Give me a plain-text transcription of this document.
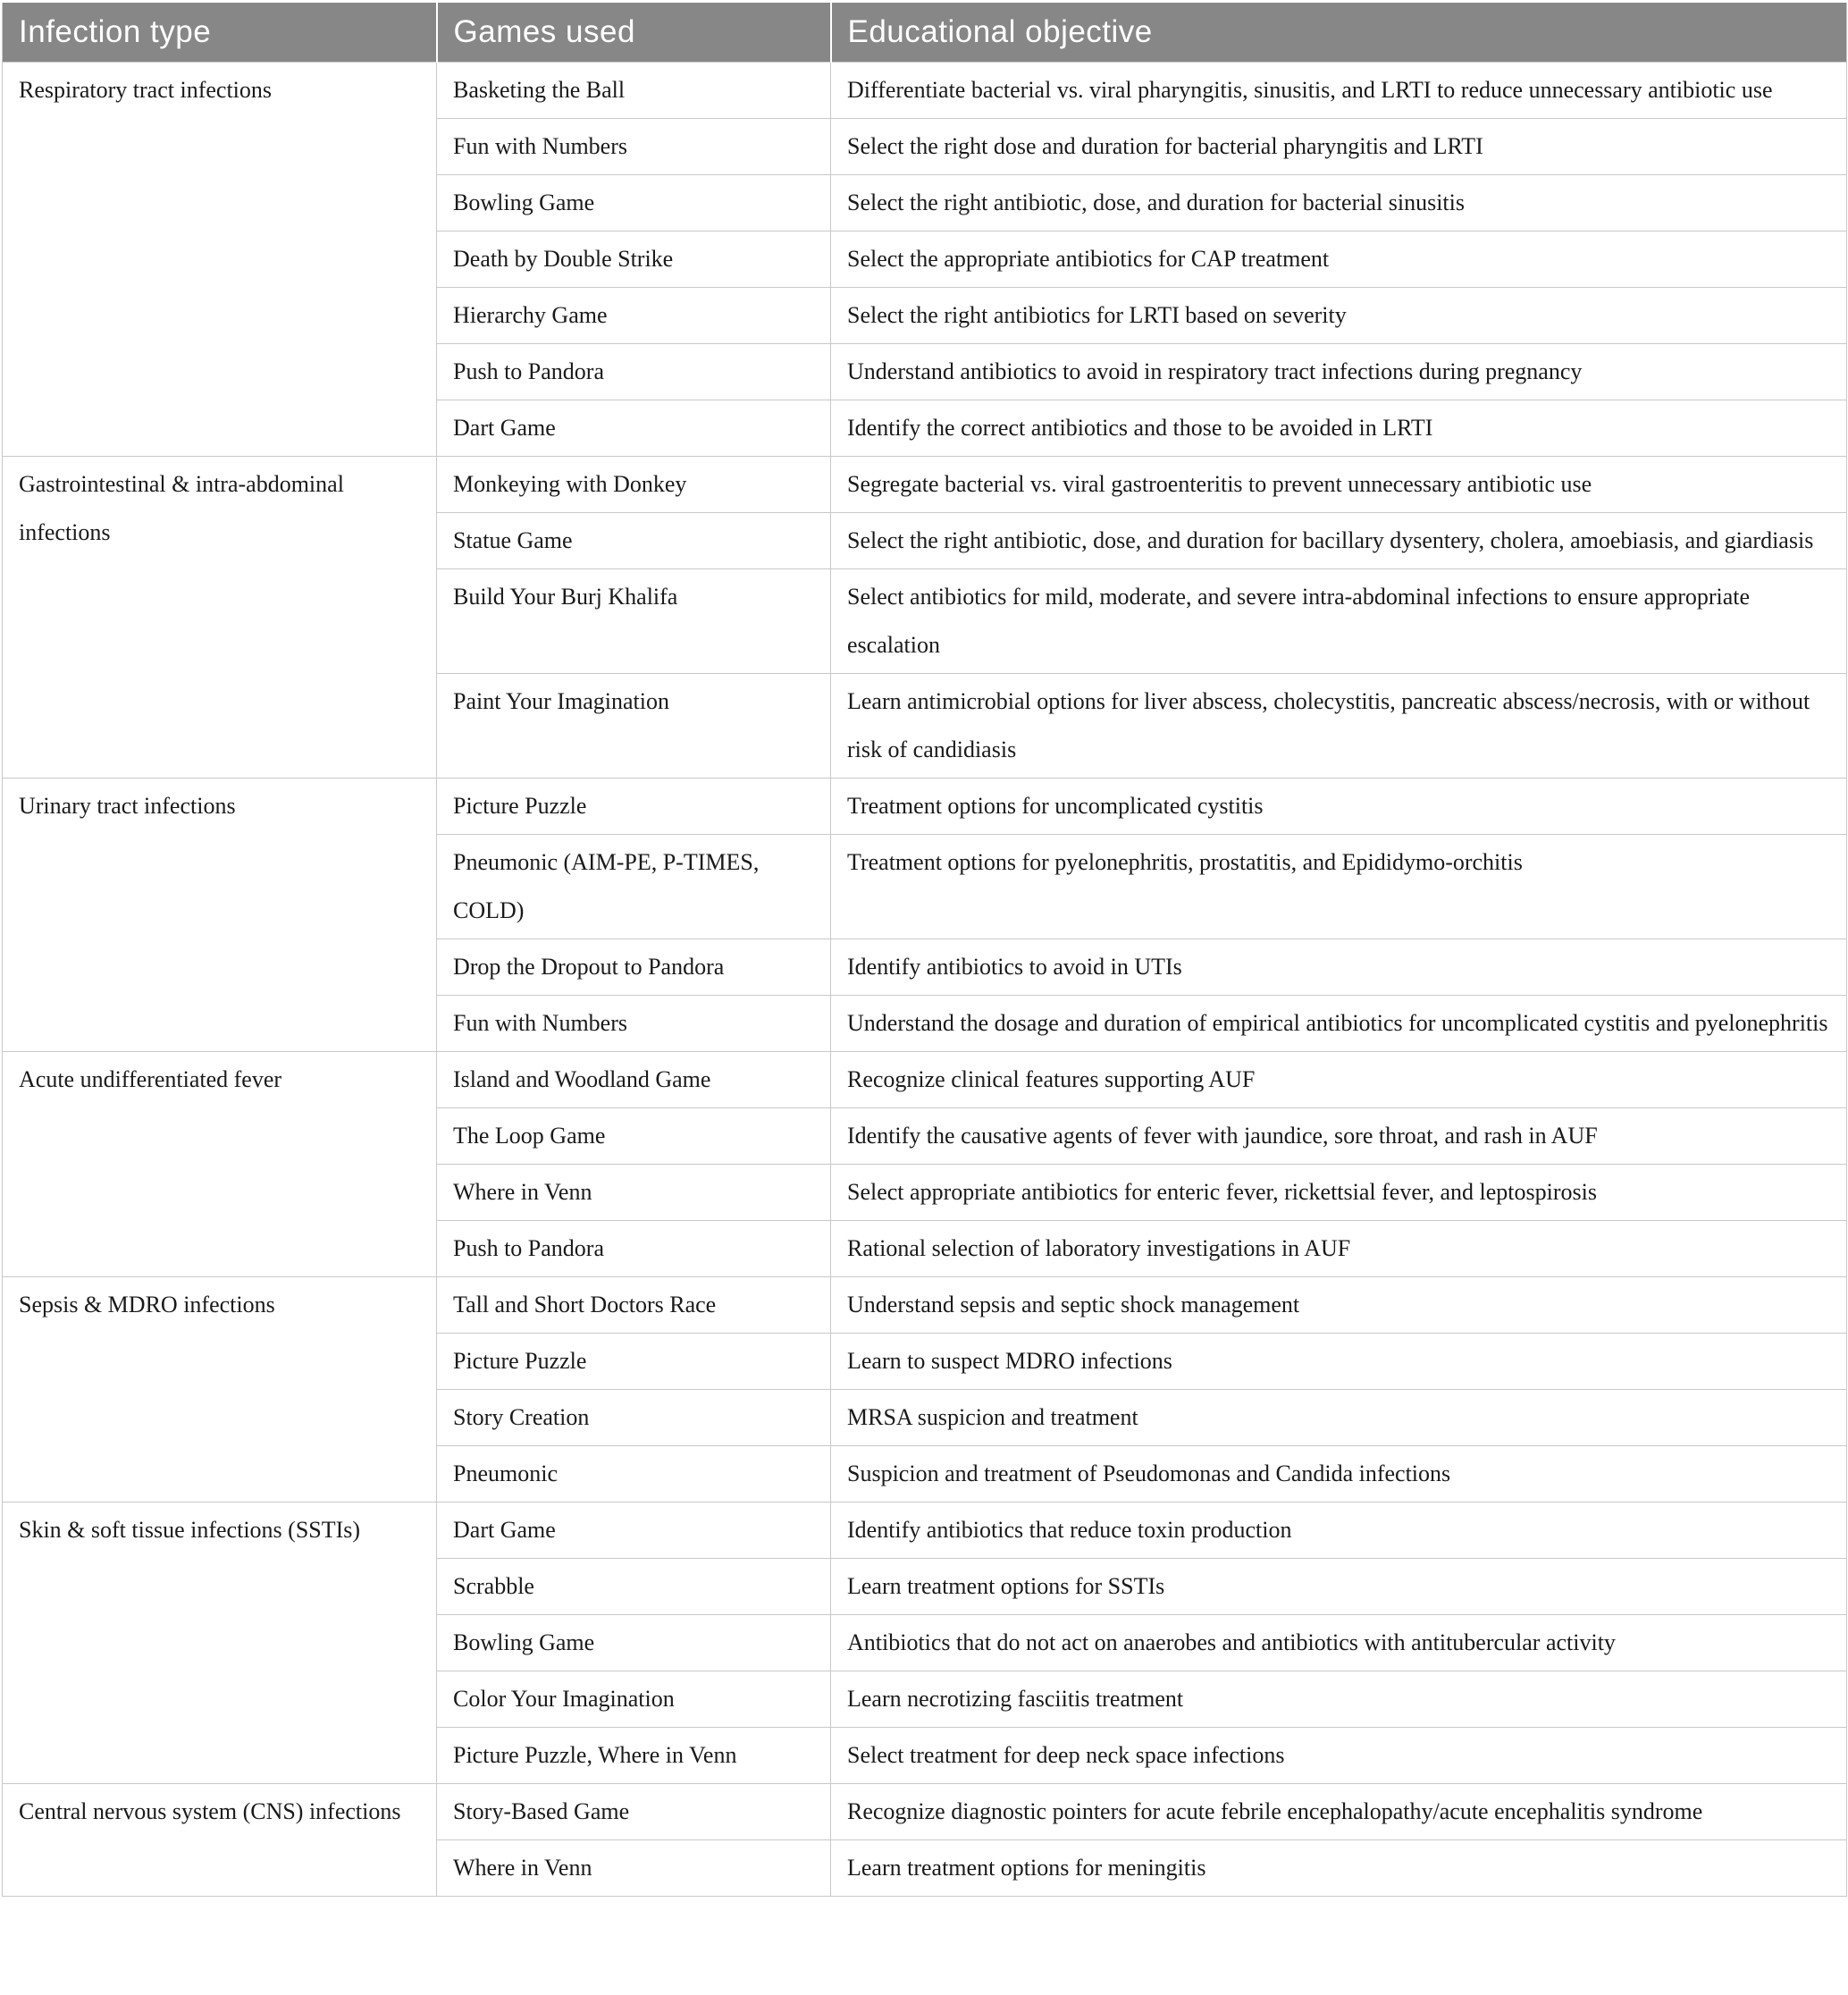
Infection type	Games used	Educational objective
Respiratory tract infections	Basketing the Ball	Differentiate bacterial vs. viral pharyngitis, sinusitis, and LRTI to reduce unnecessary antibiotic use
	Fun with Numbers	Select the right dose and duration for bacterial pharyngitis and LRTI
	Bowling Game	Select the right antibiotic, dose, and duration for bacterial sinusitis
	Death by Double Strike	Select the appropriate antibiotics for CAP treatment
	Hierarchy Game	Select the right antibiotics for LRTI based on severity
	Push to Pandora	Understand antibiotics to avoid in respiratory tract infections during pregnancy
	Dart Game	Identify the correct antibiotics and those to be avoided in LRTI
Gastrointestinal & intra-abdominal infections	Monkeying with Donkey	Segregate bacterial vs. viral gastroenteritis to prevent unnecessary antibiotic use
	Statue Game	Select the right antibiotic, dose, and duration for bacillary dysentery, cholera, amoebiasis, and giardiasis
	Build Your Burj Khalifa	Select antibiotics for mild, moderate, and severe intra-abdominal infections to ensure appropriate escalation
	Paint Your Imagination	Learn antimicrobial options for liver abscess, cholecystitis, pancreatic abscess/necrosis, with or without risk of candidiasis
Urinary tract infections	Picture Puzzle	Treatment options for uncomplicated cystitis
	Pneumonic (AIM-PE, P-TIMES, COLD)	Treatment options for pyelonephritis, prostatitis, and Epididymo-orchitis
	Drop the Dropout to Pandora	Identify antibiotics to avoid in UTIs
	Fun with Numbers	Understand the dosage and duration of empirical antibiotics for uncomplicated cystitis and pyelonephritis
Acute undifferentiated fever	Island and Woodland Game	Recognize clinical features supporting AUF
	The Loop Game	Identify the causative agents of fever with jaundice, sore throat, and rash in AUF
	Where in Venn	Select appropriate antibiotics for enteric fever, rickettsial fever, and leptospirosis
	Push to Pandora	Rational selection of laboratory investigations in AUF
Sepsis & MDRO infections	Tall and Short Doctors Race	Understand sepsis and septic shock management
	Picture Puzzle	Learn to suspect MDRO infections
	Story Creation	MRSA suspicion and treatment
	Pneumonic	Suspicion and treatment of Pseudomonas and Candida infections
Skin & soft tissue infections (SSTIs)	Dart Game	Identify antibiotics that reduce toxin production
	Scrabble	Learn treatment options for SSTIs
	Bowling Game	Antibiotics that do not act on anaerobes and antibiotics with antitubercular activity
	Color Your Imagination	Learn necrotizing fasciitis treatment
	Picture Puzzle, Where in Venn	Select treatment for deep neck space infections
Central nervous system (CNS) infections	Story-Based Game	Recognize diagnostic pointers for acute febrile encephalopathy/acute encephalitis syndrome
	Where in Venn	Learn treatment options for meningitis
